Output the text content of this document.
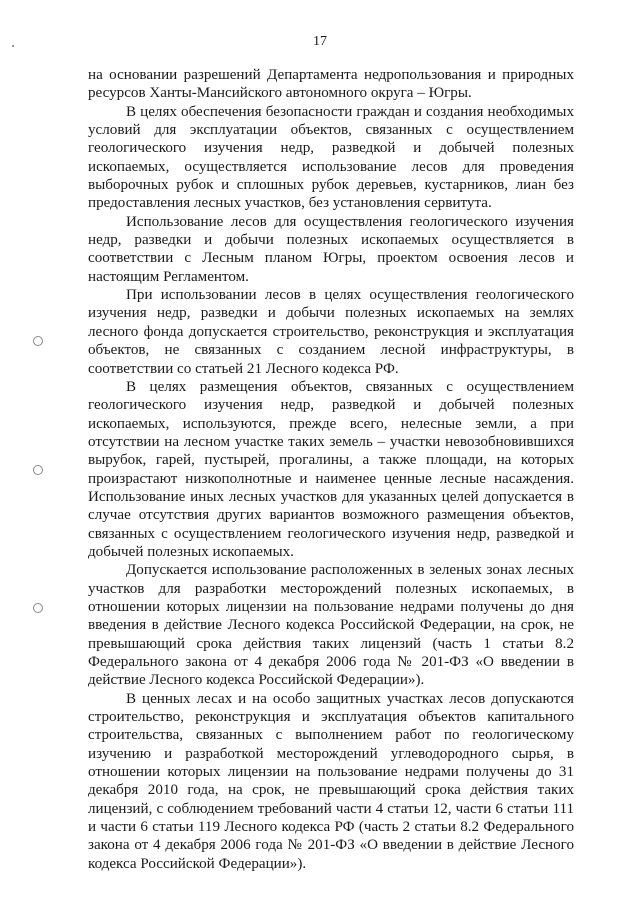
17

на основании разрешений Департамента недропользования и природных ресурсов Ханты-Мансийского автономного округа – Югры.

В целях обеспечения безопасности граждан и создания необходимых условий для эксплуатации объектов, связанных с осуществлением геологического изучения недр, разведкой и добычей полезных ископаемых, осуществляется использование лесов для проведения выборочных рубок и сплошных рубок деревьев, кустарников, лиан без предоставления лесных участков, без установления сервитута.

Использование лесов для осуществления геологического изучения недр, разведки и добычи полезных ископаемых осуществляется в соответствии с Лесным планом Югры, проектом освоения лесов и настоящим Регламентом.

При использовании лесов в целях осуществления геологического изучения недр, разведки и добычи полезных ископаемых на землях лесного фонда допускается строительство, реконструкция и эксплуатация объектов, не связанных с созданием лесной инфраструктуры, в соответствии со статьей 21 Лесного кодекса РФ.

В целях размещения объектов, связанных с осуществлением геологического изучения недр, разведкой и добычей полезных ископаемых, используются, прежде всего, нелесные земли, а при отсутствии на лесном участке таких земель – участки невозобновившихся вырубок, гарей, пустырей, прогалины, а также площади, на которых произрастают низкополнотные и наименее ценные лесные насаждения. Использование иных лесных участков для указанных целей допускается в случае отсутствия других вариантов возможного размещения объектов, связанных с осуществлением геологического изучения недр, разведкой и добычей полезных ископаемых.

Допускается использование расположенных в зеленых зонах лесных участков для разработки месторождений полезных ископаемых, в отношении которых лицензии на пользование недрами получены до дня введения в действие Лесного кодекса Российской Федерации, на срок, не превышающий срока действия таких лицензий (часть 1 статьи 8.2 Федерального закона от 4 декабря 2006 года № 201-ФЗ «О введении в действие Лесного кодекса Российской Федерации»).

В ценных лесах и на особо защитных участках лесов допускаются строительство, реконструкция и эксплуатация объектов капитального строительства, связанных с выполнением работ по геологическому изучению и разработкой месторождений углеводородного сырья, в отношении которых лицензии на пользование недрами получены до 31 декабря 2010 года, на срок, не превышающий срока действия таких лицензий, с соблюдением требований части 4 статьи 12, части 6 статьи 111 и части 6 статьи 119 Лесного кодекса РФ (часть 2 статьи 8.2 Федерального закона от 4 декабря 2006 года № 201-ФЗ «О введении в действие Лесного кодекса Российской Федерации»).
